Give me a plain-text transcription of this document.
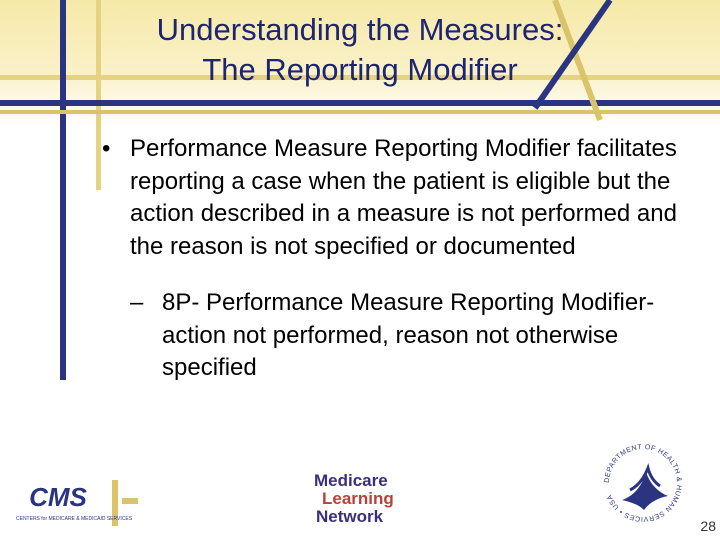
Understanding the Measures:
The Reporting Modifier
• Performance Measure Reporting Modifier facilitates reporting a case when the patient is eligible but the action described in a measure is not performed and the reason is not specified or documented
– 8P- Performance Measure Reporting Modifier- action not performed, reason not otherwise specified
CMS
CENTERS for MEDICARE & MEDICAID SERVICES
Medicare
Learning
Network
DEPARTMENT OF HEALTH & HUMAN SERVICES • USA
28
